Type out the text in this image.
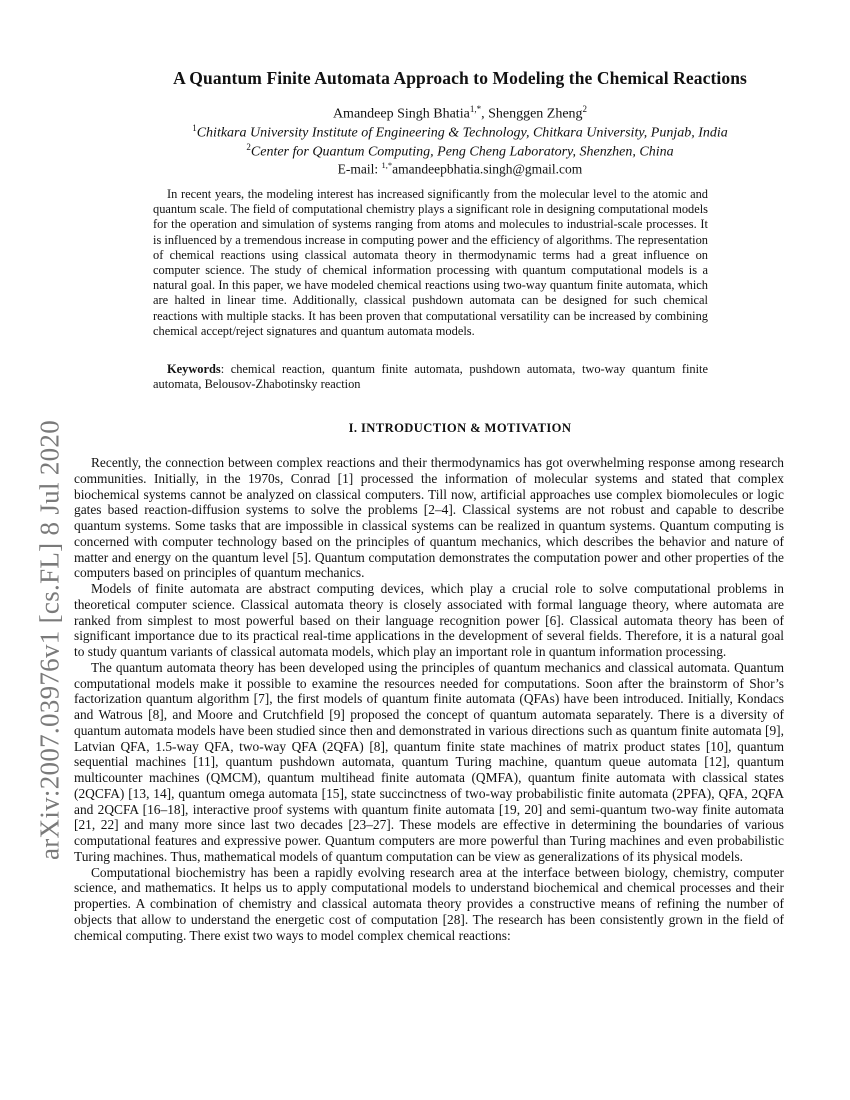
arXiv:2007.03976v1 [cs.FL] 8 Jul 2020
A Quantum Finite Automata Approach to Modeling the Chemical Reactions
Amandeep Singh Bhatia$^{1,*}$, Shenggen Zheng$^2$
$^1$Chitkara University Institute of Engineering & Technology, Chitkara University, Punjab, India
$^2$Center for Quantum Computing, Peng Cheng Laboratory, Shenzhen, China
E-mail: $^{1,*}$amandeepbhatia.singh@gmail.com
In recent years, the modeling interest has increased significantly from the molecular level to the atomic and quantum scale. The field of computational chemistry plays a significant role in designing computational models for the operation and simulation of systems ranging from atoms and molecules to industrial-scale processes. It is influenced by a tremendous increase in computing power and the efficiency of algorithms. The representation of chemical reactions using classical automata theory in thermodynamic terms had a great influence on computer science. The study of chemical information processing with quantum computational models is a natural goal. In this paper, we have modeled chemical reactions using two-way quantum finite automata, which are halted in linear time. Additionally, classical pushdown automata can be designed for such chemical reactions with multiple stacks. It has been proven that computational versatility can be increased by combining chemical accept/reject signatures and quantum automata models.
Keywords: chemical reaction, quantum finite automata, pushdown automata, two-way quantum finite automata, Belousov-Zhabotinsky reaction
I. INTRODUCTION & MOTIVATION

Recently, the connection between complex reactions and their thermodynamics has got overwhelming response among research communities. Initially, in the 1970s, Conrad [1] processed the information of molecular systems and stated that complex biochemical systems cannot be analyzed on classical computers. Till now, artificial approaches use complex biomolecules or logic gates based reaction-diffusion systems to solve the problems [2–4]. Classical systems are not robust and capable to describe quantum systems. Some tasks that are impossible in classical systems can be realized in quantum systems. Quantum computing is concerned with computer technology based on the principles of quantum mechanics, which describes the behavior and nature of matter and energy on the quantum level [5]. Quantum computation demonstrates the computation power and other properties of the computers based on principles of quantum mechanics.

Models of finite automata are abstract computing devices, which play a crucial role to solve computational problems in theoretical computer science. Classical automata theory is closely associated with formal language theory, where automata are ranked from simplest to most powerful based on their language recognition power [6]. Classical automata theory has been of significant importance due to its practical real-time applications in the development of several fields. Therefore, it is a natural goal to study quantum variants of classical automata models, which play an important role in quantum information processing.

The quantum automata theory has been developed using the principles of quantum mechanics and classical automata. Quantum computational models make it possible to examine the resources needed for computations. Soon after the brainstorm of Shor’s factorization quantum algorithm [7], the first models of quantum finite automata (QFAs) have been introduced. Initially, Kondacs and Watrous [8], and Moore and Crutchfield [9] proposed the concept of quantum automata separately. There is a diversity of quantum automata models have been studied since then and demonstrated in various directions such as quantum finite automata [9], Latvian QFA, 1.5-way QFA, two-way QFA (2QFA) [8], quantum finite state machines of matrix product states [10], quantum sequential machines [11], quantum pushdown automata, quantum Turing machine, quantum queue automata [12], quantum multicounter machines (QMCM), quantum multihead finite automata (QMFA), quantum finite automata with classical states (2QCFA) [13, 14], quantum omega automata [15], state succinctness of two-way probabilistic finite automata (2PFA), QFA, 2QFA and 2QCFA [16–18], interactive proof systems with quantum finite automata [19, 20] and semi-quantum two-way finite automata [21, 22] and many more since last two decades [23–27]. These models are effective in determining the boundaries of various computational features and expressive power. Quantum computers are more powerful than Turing machines and even probabilistic Turing machines. Thus, mathematical models of quantum computation can be view as generalizations of its physical models.

Computational biochemistry has been a rapidly evolving research area at the interface between biology, chemistry, computer science, and mathematics. It helps us to apply computational models to understand biochemical and chemical processes and their properties. A combination of chemistry and classical automata theory provides a constructive means of refining the number of objects that allow to understand the energetic cost of computation [28]. The research has been consistently grown in the field of chemical computing. There exist two ways to model complex chemical reactions:
